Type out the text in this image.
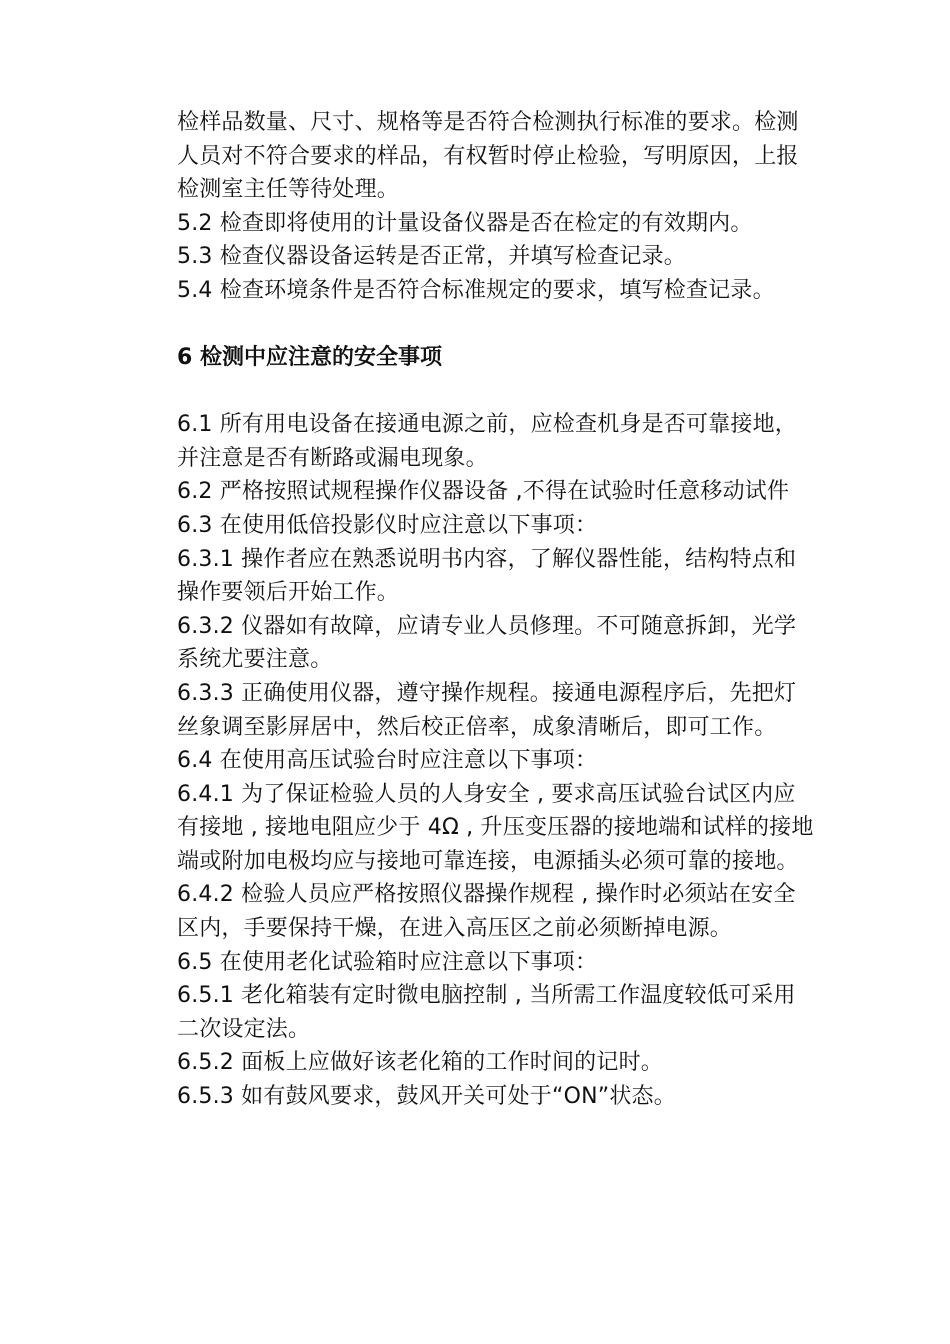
检样品数量、尺寸、规格等是否符合检测执行标准的要求。检测人员对不符合要求的样品，有权暂时停止检验，写明原因，上报检测室主任等待处理。

5.2 检查即将使用的计量设备仪器是否在检定的有效期内。

5.3 检查仪器设备运转是否正常，并填写检查记录。

5.4 检查环境条件是否符合标准规定的要求，填写检查记录。

6 检测中应注意的安全事项

6.1 所有用电设备在接通电源之前，应检查机身是否可靠接地，并注意是否有断路或漏电现象。

6.2 严格按照试规程操作仪器设备 ,不得在试验时任意移动试件

6.3 在使用低倍投影仪时应注意以下事项：

6.3.1 操作者应在熟悉说明书内容，了解仪器性能，结构特点和操作要领后开始工作。

6.3.2 仪器如有故障，应请专业人员修理。不可随意拆卸，光学系统尤要注意。

6.3.3 正确使用仪器，遵守操作规程。接通电源程序后，先把灯丝象调至影屏居中，然后校正倍率，成象清晰后，即可工作。

6.4 在使用高压试验台时应注意以下事项：

6.4.1 为了保证检验人员的人身安全 , 要求高压试验台试区内应有接地 , 接地电阻应少于 4Ω , 升压变压器的接地端和试样的接地端或附加电极均应与接地可靠连接，电源插头必须可靠的接地。

6.4.2 检验人员应严格按照仪器操作规程 , 操作时必须站在安全区内，手要保持干燥，在进入高压区之前必须断掉电源。

6.5 在使用老化试验箱时应注意以下事项：

6.5.1 老化箱装有定时微电脑控制 , 当所需工作温度较低可采用二次设定法。

6.5.2 面板上应做好该老化箱的工作时间的记时。

6.5.3 如有鼓风要求，鼓风开关可处于“ON”状态。
